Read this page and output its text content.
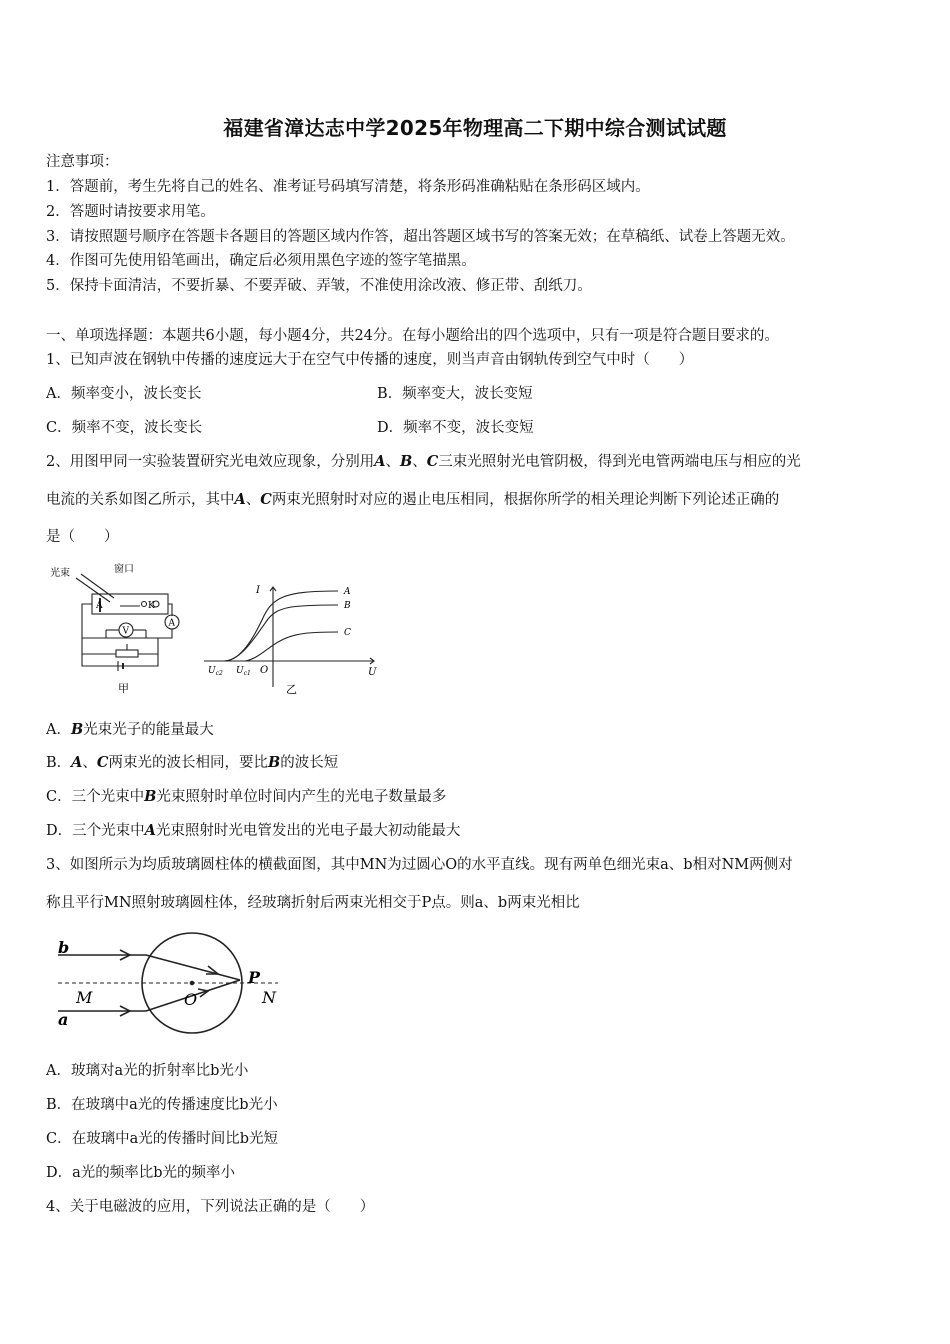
福建省漳达志中学2025年物理高二下期中综合测试试题
注意事项：
1．答题前，考生先将自己的姓名、准考证号码填写清楚，将条形码准确粘贴在条形码区域内。
2．答题时请按要求用笔。
3．请按照题号顺序在答题卡各题目的答题区域内作答，超出答题区域书写的答案无效；在草稿纸、试卷上答题无效。
4．作图可先使用铅笔画出，确定后必须用黑色字迹的签字笔描黑。
5．保持卡面清洁，不要折暴、不要弄破、弄皱，不准使用涂改液、修正带、刮纸刀。
一、单项选择题：本题共6小题，每小题4分，共24分。在每小题给出的四个选项中，只有一项是符合题目要求的。
1、已知声波在钢轨中传播的速度远大于在空气中传播的速度，则当声音由钢轨传到空气中时（　　）
A．频率变小，波长变长	B．频率变大，波长变短
C．频率不变，波长变长	D．频率不变，波长变短
2、用图甲同一实验装置研究光电效应现象，分别用A、B、C三束光照射光电管阴极，得到光电管两端电压与相应的光
电流的关系如图乙所示，其中A、C两束光照射时对应的遏止电压相同，根据你所学的相关理论判断下列论述正确的
是（　　）
光束	窗口
A	K
V
A
甲
I
U
O
$U_{c2}$ $U_{c1}$
A
B
C
乙
A．B光束光子的能量最大
B．A、C两束光的波长相同，要比B的波长短
C．三个光束中B光束照射时单位时间内产生的光电子数量最多
D．三个光束中A光束照射时光电管发出的光电子最大初动能最大
3、如图所示为均质玻璃圆柱体的横截面图，其中MN为过圆心O的水平直线。现有两单色细光束a、b相对NM两侧对
称且平行MN照射玻璃圆柱体，经玻璃折射后两束光相交于P点。则a、b两束光相比
b
a
M	N
O
P
A．玻璃对a光的折射率比b光小
B．在玻璃中a光的传播速度比b光小
C．在玻璃中a光的传播时间比b光短
D．a光的频率比b光的频率小
4、关于电磁波的应用，下列说法正确的是（　　）
